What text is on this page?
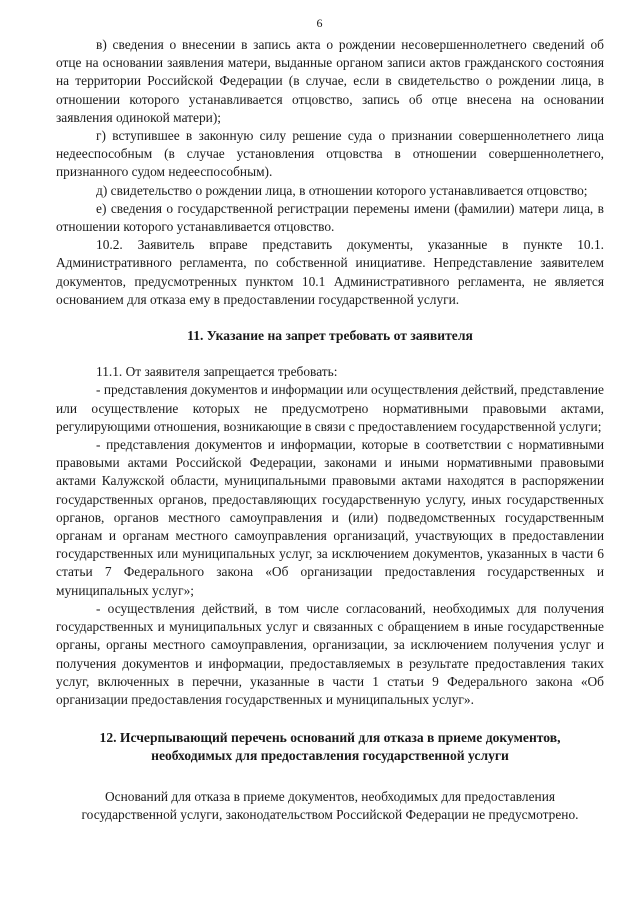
6

в) сведения о внесении в запись акта о рождении несовершеннолетнего сведений об отце на основании заявления матери, выданные органом записи актов гражданского состояния на территории Российской Федерации (в случае, если в свидетельство о рождении лица, в отношении которого устанавливается отцовство, запись об отце внесена на основании заявления одинокой матери);

г) вступившее в законную силу решение суда о признании совершеннолетнего лица недееспособным (в случае установления отцовства в отношении совершеннолетнего, признанного судом недееспособным).

д) свидетельство о рождении лица, в отношении которого устанавливается отцовство;

е) сведения о государственной регистрации перемены имени (фамилии) матери лица, в отношении которого устанавливается отцовство.

10.2. Заявитель вправе представить документы, указанные в пункте 10.1. Административного регламента, по собственной инициативе. Непредставление заявителем документов, предусмотренных пунктом 10.1 Административного регламента, не является основанием для отказа ему в предоставлении государственной услуги.

11. Указание на запрет требовать от заявителя

11.1. От заявителя запрещается требовать:

- представления документов и информации или осуществления действий, представление или осуществление которых не предусмотрено нормативными правовыми актами, регулирующими отношения, возникающие в связи с предоставлением государственной услуги;

- представления документов и информации, которые в соответствии с нормативными правовыми актами Российской Федерации, законами и иными нормативными правовыми актами Калужской области, муниципальными правовыми актами находятся в распоряжении государственных органов, предоставляющих государственную услугу, иных государственных органов, органов местного самоуправления и (или) подведомственных государственным органам и органам местного самоуправления организаций, участвующих в предоставлении государственных или муниципальных услуг, за исключением документов, указанных в части 6 статьи 7 Федерального закона «Об организации предоставления государственных и муниципальных услуг»;

- осуществления действий, в том числе согласований, необходимых для получения государственных и муниципальных услуг и связанных с обращением в иные государственные органы, органы местного самоуправления, организации, за исключением получения услуг и получения документов и информации, предоставляемых в результате предоставления таких услуг, включенных в перечни, указанные в части 1 статьи 9 Федерального закона «Об организации предоставления государственных и муниципальных услуг».

12. Исчерпывающий перечень оснований для отказа в приеме документов, необходимых для предоставления государственной услуги

Оснований для отказа в приеме документов, необходимых для предоставления государственной услуги, законодательством Российской Федерации не предусмотрено.
